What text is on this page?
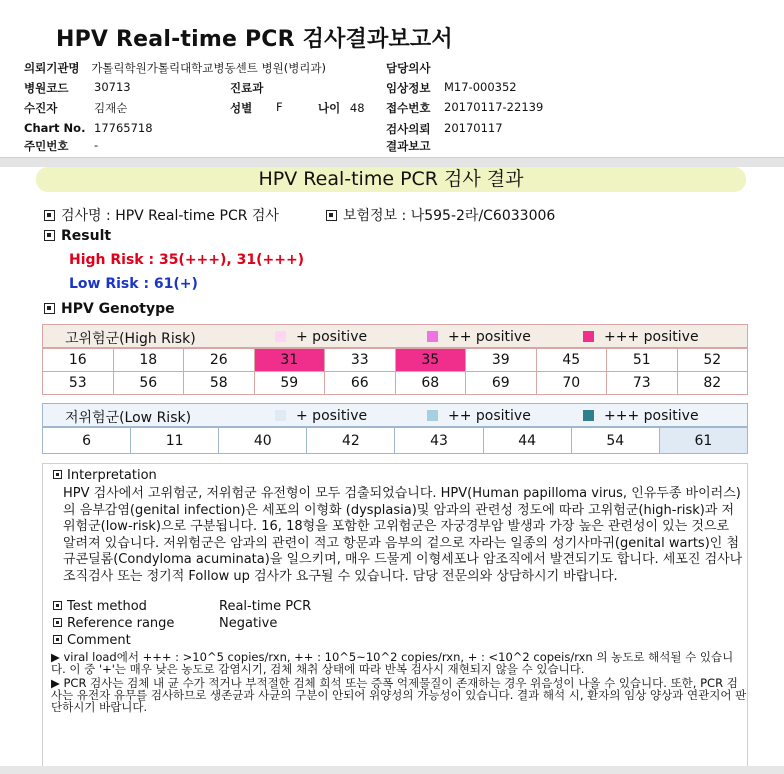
HPV Real-time PCR 검사결과보고서
의뢰기관명 가톨릭학원가톨릭대학교병동센트 병원(병리과)	담당의사
병원코드 30713	진료과	임상정보 M17-000352
수진자	김재순	성별 F	나이 48 접수번호 20170117-22139
Chart No. 17765718	검사의뢰 20170117
주민번호 -	결과보고
HPV Real-time PCR 검사 결과
검사명 : HPV Real-time PCR 검사	보험정보 : 나595-2라/C6033006
Result
High Risk : 35(+++), 31(+++)
Low Risk : 61(+)
HPV Genotype
고위험군(High Risk)	+ positive	++ positive	+++ positive
16	18	26	31	33	35	39	45	51	52
53	56	58	59	66	68	69	70	73	82
저위험군(Low Risk)	+ positive	++ positive	+++ positive
6	11	40	42	43	44	54	61
Interpretation
HPV 검사에서 고위험군, 저위험군 유전형이 모두 검출되었습니다. HPV(Human papilloma virus, 인유두종 바이러스)의 음부감염(genital infection)은 세포의 이형화 (dysplasia)및 암과의 관련성 정도에 따라 고위험군(high-risk)과 저위험군(low-risk)으로 구분됩니다. 16, 18형을 포함한 고위험군은 자궁경부암 발생과 가장 높은 관련성이 있는 것으로 알려져 있습니다. 저위험군은 암과의 관련이 적고 항문과 음부의 겉으로 자라는 일종의 성기사마귀(genital warts)인 첨규콘딜롬(Condyloma acuminata)을 일으키며, 매우 드물게 이형세포나 암조직에서 발견되기도 합니다. 세포진 검사나 조직검사 또는 정기적 Follow up 검사가 요구될 수 있습니다. 담당 전문의와 상담하시기 바랍니다.
Test method	Real-time PCR
Reference range	Negative
Comment
▶ viral load에서 +++ : >10^5 copies/rxn, ++ : 10^5~10^2 copies/rxn, + : <10^2 copeis/rxn 의 농도로 해석될 수 있습니다. 이 중 '+'는 매우 낮은 농도로 감염시기, 검체 채취 상태에 따라 반복 검사시 재현되지 않을 수 있습니다.
▶ PCR 검사는 검체 내 균 수가 적거나 부적절한 검체 희석 또는 증폭 억제물질이 존재하는 경우 위음성이 나올 수 있습니다. 또한, PCR 검사는 유전자 유무를 검사하므로 생존균과 사균의 구분이 안되어 위양성의 가능성이 있습니다. 결과 해석 시, 환자의 임상 양상과 연관지어 판단하시기 바랍니다.
